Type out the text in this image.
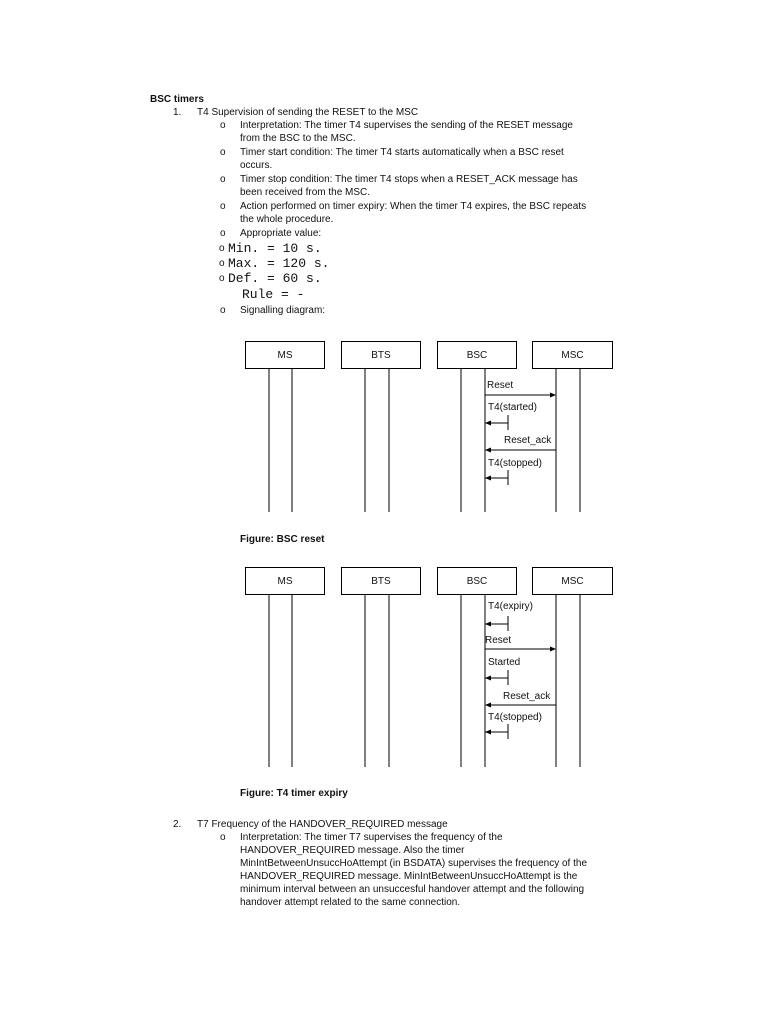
BSC timers
1. T4 Supervision of sending the RESET to the MSC
o Interpretation: The timer T4 supervises the sending of the RESET message
from the BSC to the MSC.
o Timer start condition: The timer T4 starts automatically when a BSC reset
occurs.
o Timer stop condition: The timer T4 stops when a RESET_ACK message has
been received from the MSC.
o Action performed on timer expiry: When the timer T4 expires, the BSC repeats
the whole procedure.
o Appropriate value:
o Min. = 10 s.
o Max. = 120 s.
o Def. = 60 s.
Rule = -
o Signalling diagram:
MS	BTS	BSC	MSC
Reset
T4(started)
Reset_ack
T4(stopped)
Figure: BSC reset
MS	BTS	BSC	MSC
T4(expiry)
Reset
Started
Reset_ack
T4(stopped)
Figure: T4 timer expiry
2. T7 Frequency of the HANDOVER_REQUIRED message
o Interpretation: The timer T7 supervises the frequency of the
HANDOVER_REQUIRED message. Also the timer
MinIntBetweenUnsuccHoAttempt (in BSDATA) supervises the frequency of the
HANDOVER_REQUIRED message. MinIntBetweenUnsuccHoAttempt is the
minimum interval between an unsuccesful handover attempt and the following
handover attempt related to the same connection.
